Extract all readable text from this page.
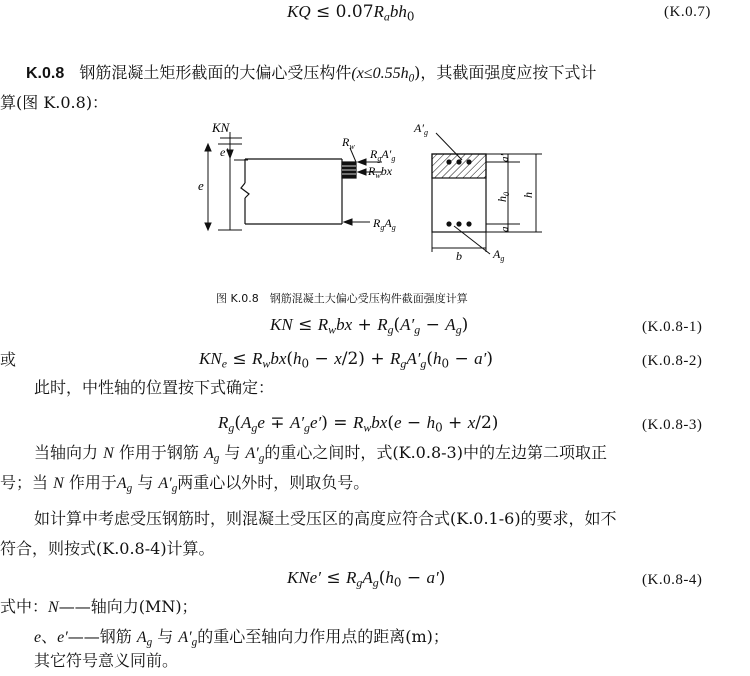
KQ ≤ $0.07R_abh_0$	(K.0.7)
K.0.8 钢筋混凝土矩形截面的大偏心受压构件$(x\le 0.55h_0)$，其截面强度应按下式计
算(图 K.0.8)：
KN
e′
e
$R_w$
$R_gA'_g$
$R_wbx$
$R_gA_g$
$A'_g$
a′
$h_0$ h
a
b	$A_g$
图 K.0.8　钢筋混凝土大偏心受压构件截面强度计算
KN ≤ $R_wbx + R_g(A'_g - A_g)$	(K.0.8-1)
或	$KN_e \le R_wbx(h_0 - x/2) + R_gA'_g(h_0 - a')$	(K.0.8-2)
此时，中性轴的位置按下式确定：
$R_g(A_ge \mp A'_ge') = R_wbx(e - h_0 + x/2)$	(K.0.8-3)
当轴向力 N 作用于钢筋 $A_g$ 与 $A'_g$的重心之间时，式(K.0.8-3)中的左边第二项取正
号；当 N 作用于$A_g$ 与 $A'_g$两重心以外时，则取负号。
如计算中考虑受压钢筋时，则混凝土受压区的高度应符合式(K.0.1-6)的要求，如不
符合，则按式(K.0.8-4)计算。
$KNe' \le R_gA_g(h_0 - a')$	(K.0.8-4)
式中：N——轴向力(MN)；
e、e′——钢筋 $A_g$ 与 $A'_g$的重心至轴向力作用点的距离(m)；
其它符号意义同前。
